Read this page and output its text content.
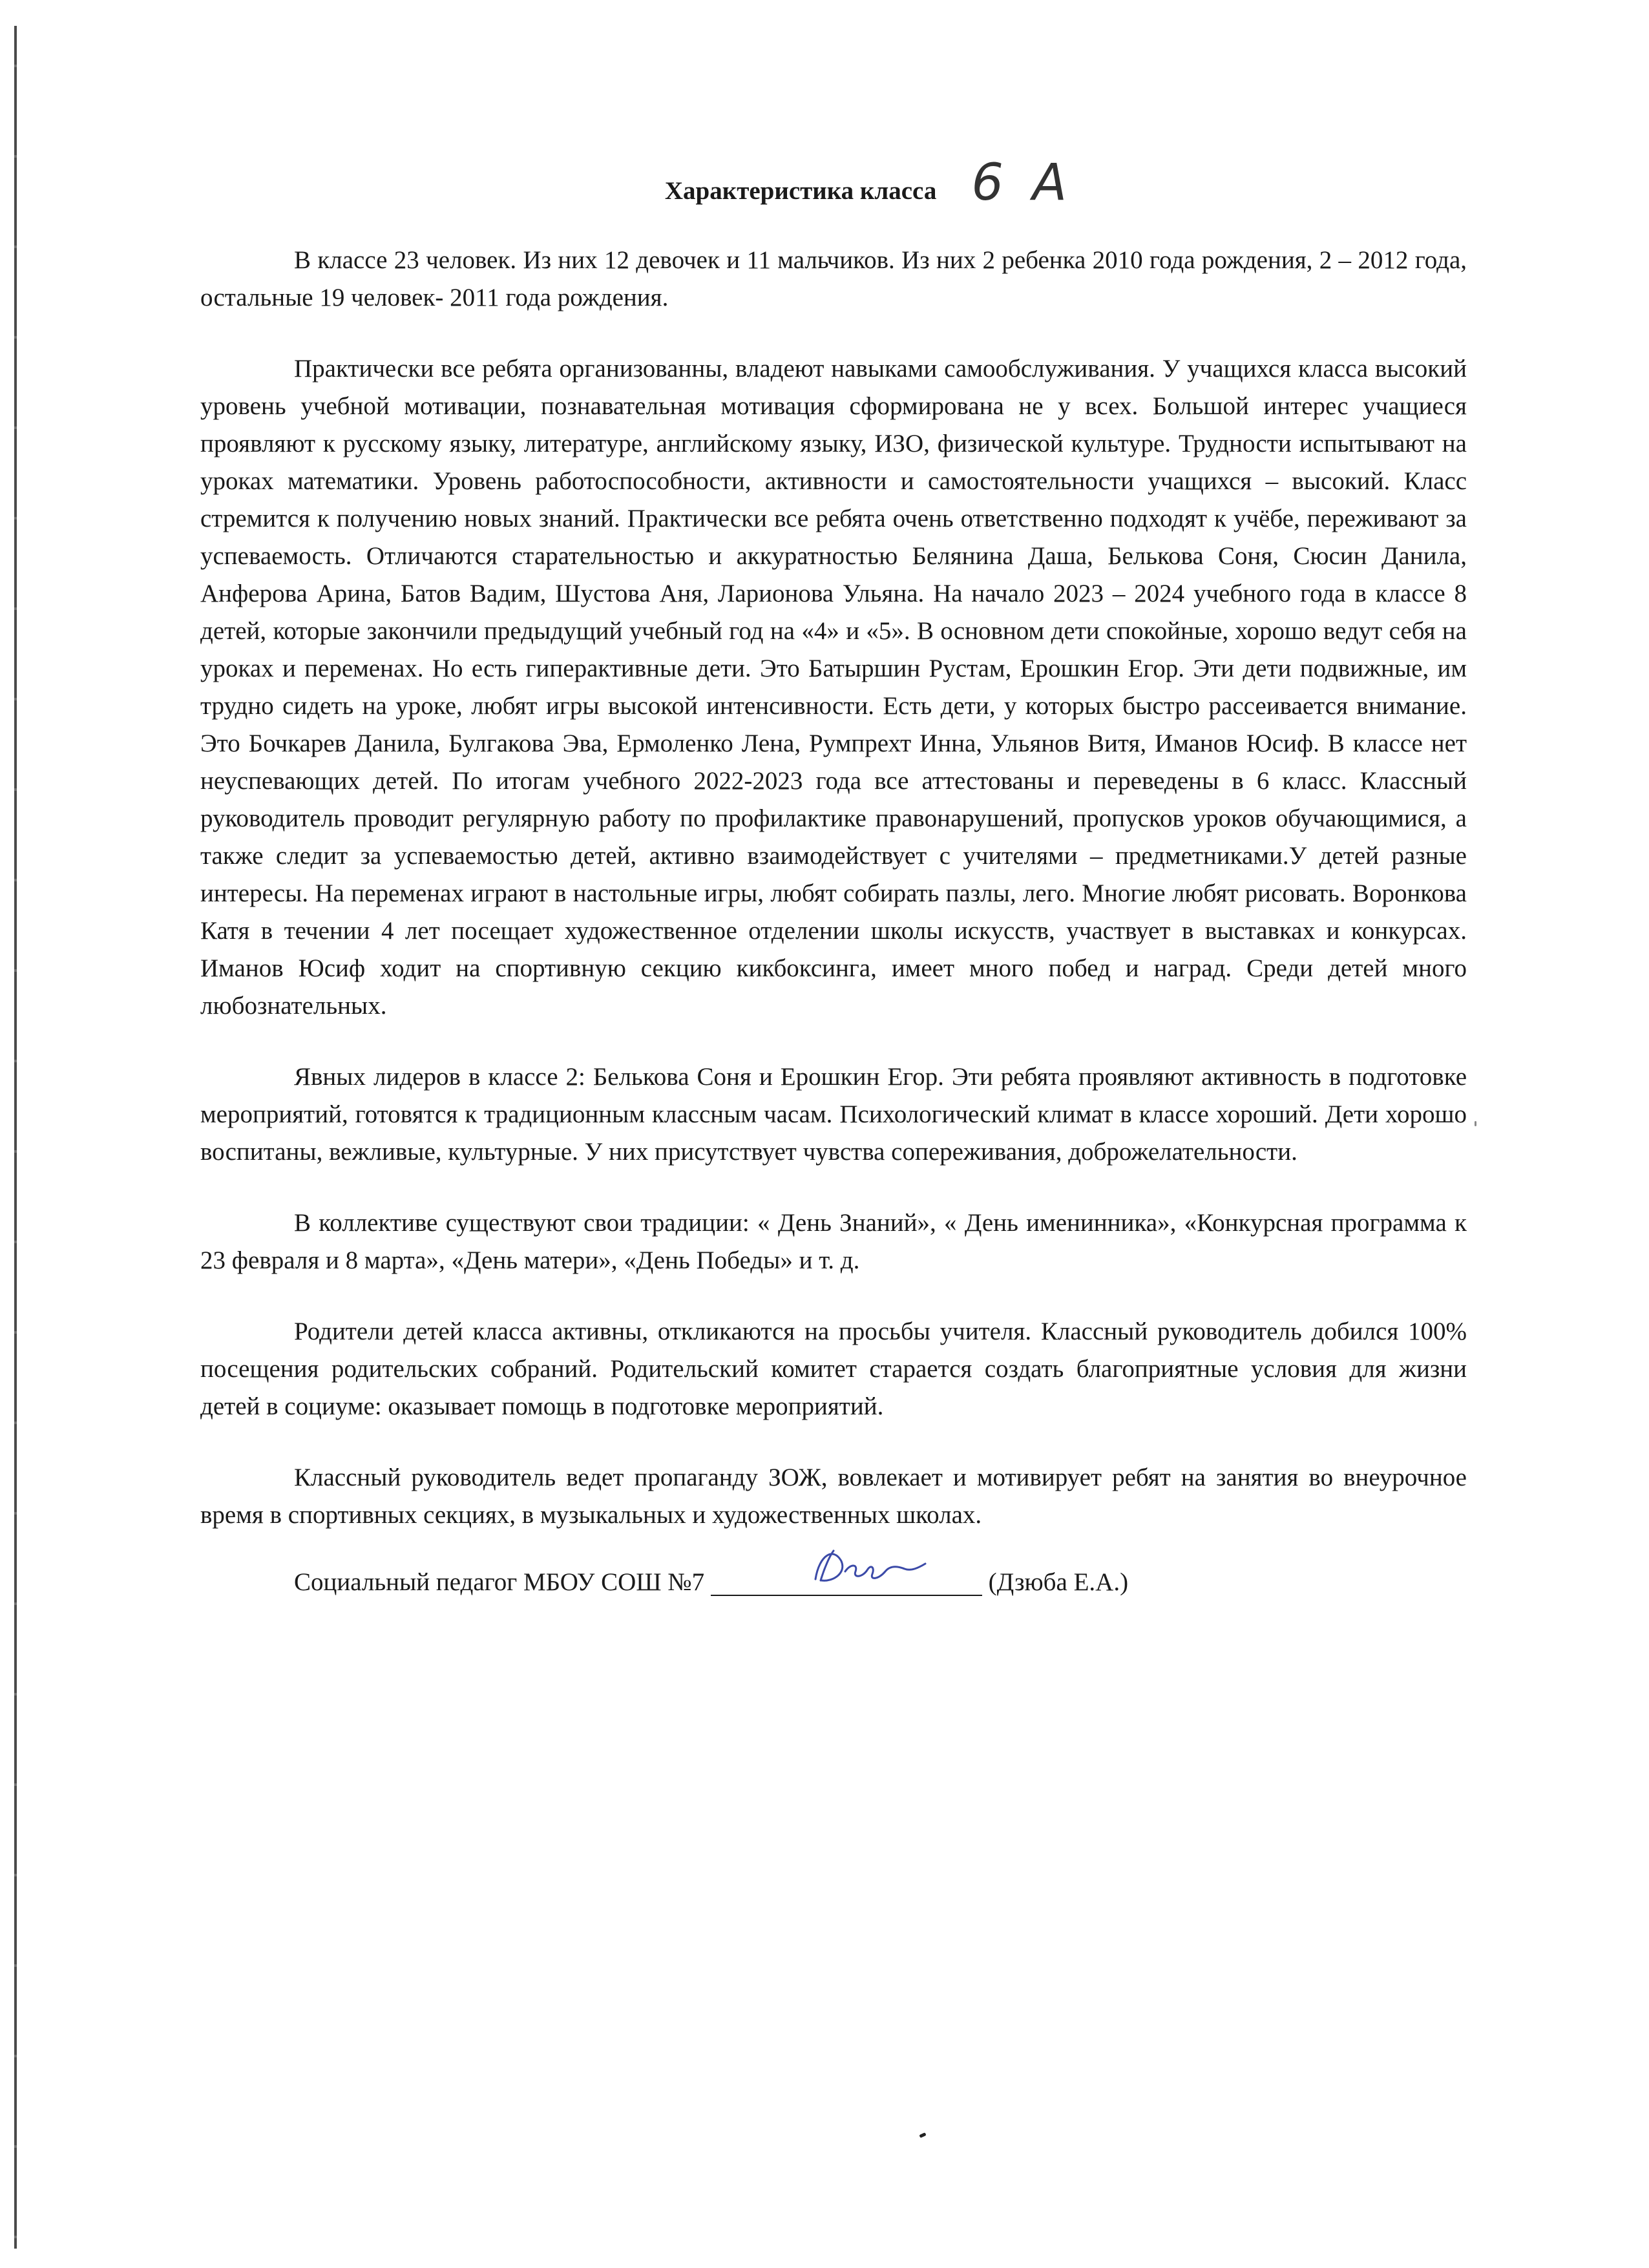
Характеристика класса 6 А

В классе 23 человек. Из них 12 девочек и 11 мальчиков. Из них 2 ребенка 2010 года рождения, 2 – 2012 года, остальные 19 человек- 2011 года рождения.

Практически все ребята организованны, владеют навыками самообслуживания. У учащихся класса высокий уровень учебной мотивации, познавательная мотивация сформирована не у всех. Большой интерес учащиеся проявляют к русскому языку, литературе, английскому языку, ИЗО, физической культуре. Трудности испытывают на уроках математики. Уровень работоспособности, активности и самостоятельности учащихся – высокий. Класс стремится к получению новых знаний. Практически все ребята очень ответственно подходят к учёбе, переживают за успеваемость. Отличаются старательностью и аккуратностью Белянина Даша, Белькова Соня, Сюсин Данила, Анферова Арина, Батов Вадим, Шустова Аня, Ларионова Ульяна. На начало 2023 – 2024 учебного года в классе 8 детей, которые закончили предыдущий учебный год на «4» и «5». В основном дети спокойные, хорошо ведут себя на уроках и переменах. Но есть гиперактивные дети. Это Батыршин Рустам, Ерошкин Егор. Эти дети подвижные, им трудно сидеть на уроке, любят игры высокой интенсивности. Есть дети, у которых быстро рассеивается внимание. Это Бочкарев Данила, Булгакова Эва, Ермоленко Лена, Румпрехт Инна, Ульянов Витя, Иманов Юсиф. В классе нет неуспевающих детей. По итогам учебного 2022-2023 года все аттестованы и переведены в 6 класс. Классный руководитель проводит регулярную работу по профилактике правонарушений, пропусков уроков обучающимися, а также следит за успеваемостью детей, активно взаимодействует с учителями – предметниками.У детей разные интересы. На переменах играют в настольные игры, любят собирать пазлы, лего. Многие любят рисовать. Воронкова Катя в течении 4 лет посещает художественное отделении школы искусств, участвует в выставках и конкурсах. Иманов Юсиф ходит на спортивную секцию кикбоксинга, имеет много побед и наград. Среди детей много любознательных.

Явных лидеров в классе 2: Белькова Соня и Ерошкин Егор. Эти ребята проявляют активность в подготовке мероприятий, готовятся к традиционным классным часам. Психологический климат в классе хороший. Дети хорошо воспитаны, вежливые, культурные. У них присутствует чувства сопереживания, доброжелательности.

В коллективе существуют свои традиции: « День Знаний», « День именинника», «Конкурсная программа к 23 февраля и 8 марта», «День матери», «День Победы» и т. д.

Родители детей класса активны, откликаются на просьбы учителя. Классный руководитель добился 100% посещения родительских собраний. Родительский комитет старается создать благоприятные условия для жизни детей в социуме: оказывает помощь в подготовке мероприятий.

Классный руководитель ведет пропаганду ЗОЖ, вовлекает и мотивирует ребят на занятия во внеурочное время в спортивных секциях, в музыкальных и художественных школах.

Социальный педагог МБОУ СОШ №7	(Дзюба Е.А.)
